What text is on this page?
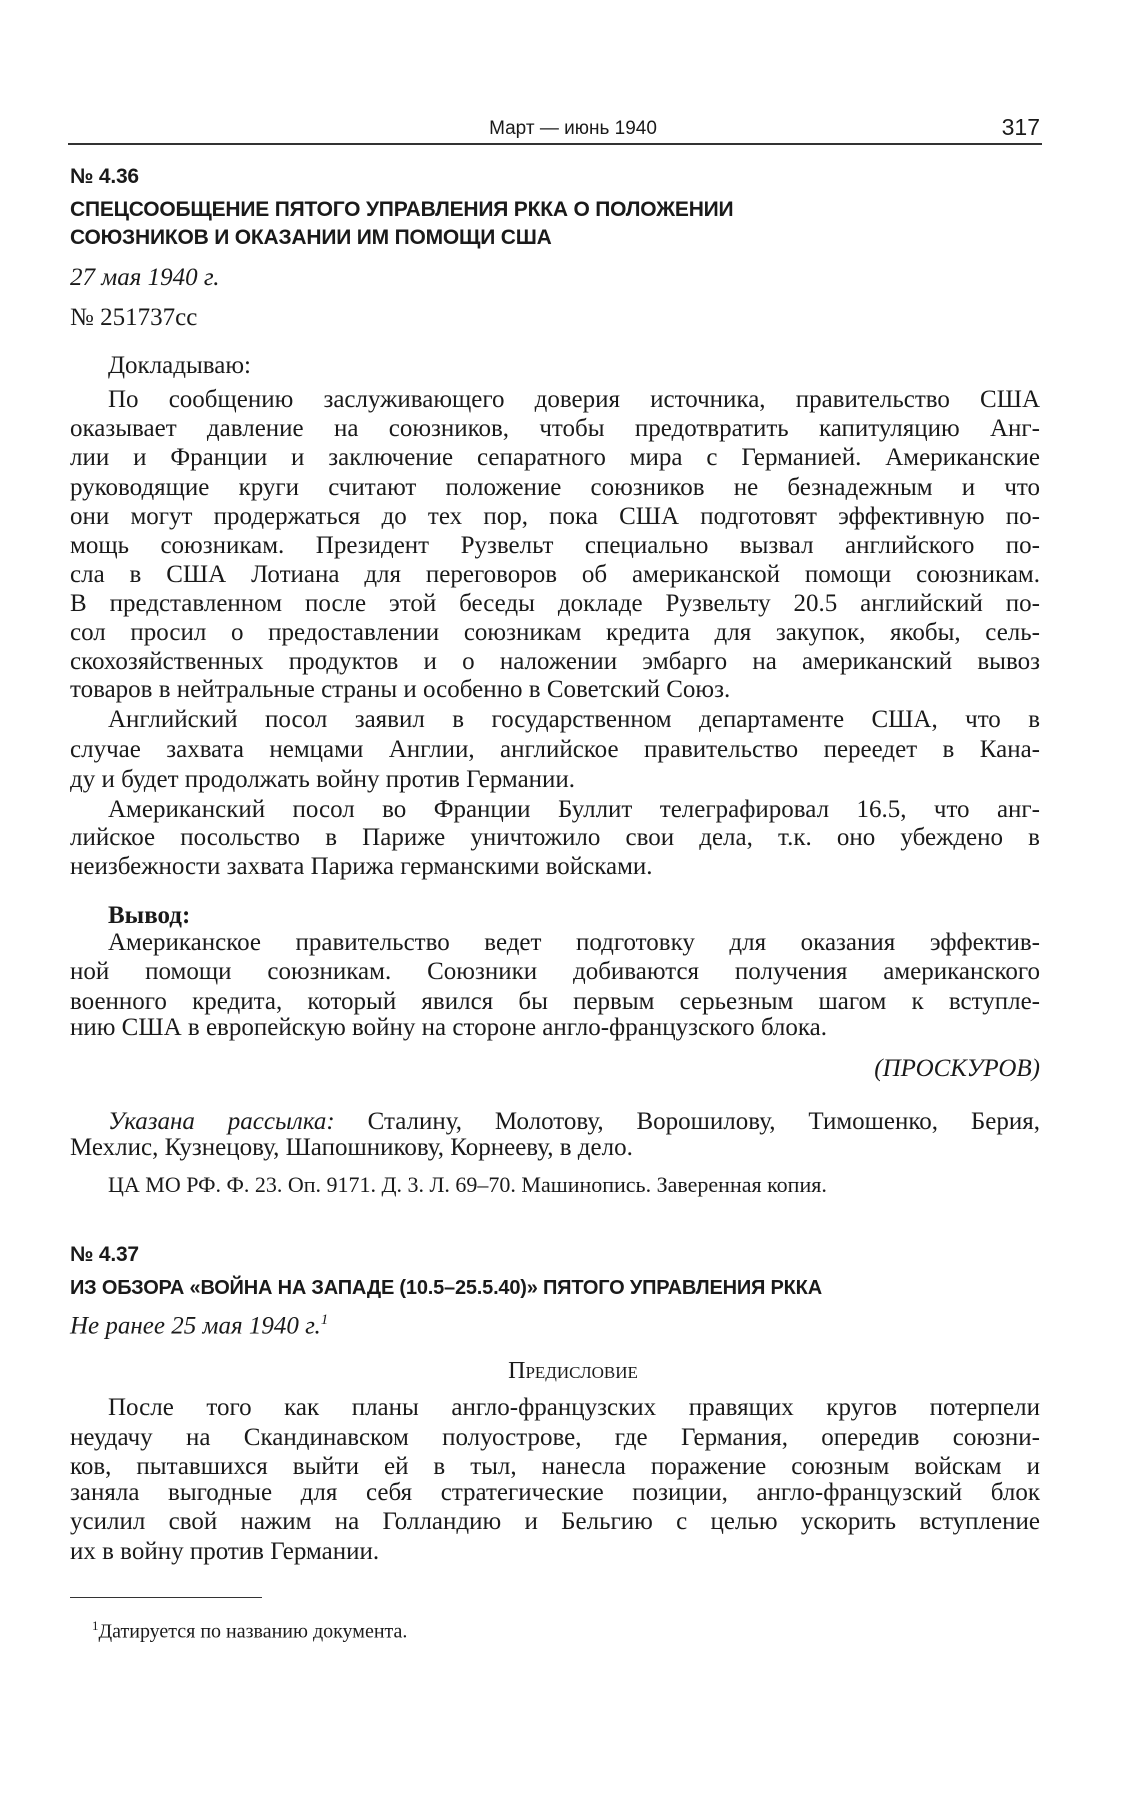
Март — июнь 1940	317
№ 4.36
СПЕЦСООБЩЕНИЕ ПЯТОГО УПРАВЛЕНИЯ РККА О ПОЛОЖЕНИИ
СОЮЗНИКОВ И ОКАЗАНИИ ИМ ПОМОЩИ США
27 мая 1940 г.
№ 251737сс
Докладываю:
По сообщению заслуживающего доверия источника, правительство США
оказывает давление на союзников, чтобы предотвратить капитуляцию Анг-
лии и Франции и заключение сепаратного мира с Германией. Американские
руководящие круги считают положение союзников не безнадежным и что
они могут продержаться до тех пор, пока США подготовят эффективную по-
мощь союзникам. Президент Рузвельт специально вызвал английского по-
сла в США Лотиана для переговоров об американской помощи союзникам.
В представленном после этой беседы докладе Рузвельту 20.5 английский по-
сол просил о предоставлении союзникам кредита для закупок, якобы, сель-
скохозяйственных продуктов и о наложении эмбарго на американский вывоз
товаров в нейтральные страны и особенно в Советский Союз.
Английский посол заявил в государственном департаменте США, что в
случае захвата немцами Англии, английское правительство переедет в Кана-
ду и будет продолжать войну против Германии.
Американский посол во Франции Буллит телеграфировал 16.5, что анг-
лийское посольство в Париже уничтожило свои дела, т.к. оно убеждено в
неизбежности захвата Парижа германскими войсками.
Вывод:
Американское правительство ведет подготовку для оказания эффектив-
ной помощи союзникам. Союзники добиваются получения американского
военного кредита, который явился бы первым серьезным шагом к вступле-
нию США в европейскую войну на стороне англо-французского блока.
(ПРОСКУРОВ)
Указана рассылка: Сталину, Молотову, Ворошилову, Тимошенко, Берия,
Мехлис, Кузнецову, Шапошникову, Корнееву, в дело.
ЦА МО РФ. Ф. 23. Оп. 9171. Д. 3. Л. 69–70. Машинопись. Заверенная копия.
№ 4.37
ИЗ ОБЗОРА «ВОЙНА НА ЗАПАДЕ (10.5–25.5.40)» ПЯТОГО УПРАВЛЕНИЯ РККА
Не ранее 25 мая 1940 г.$^1$
Предисловие
После того как планы англо-французских правящих кругов потерпели
неудачу на Скандинавском полуострове, где Германия, опередив союзни-
ков, пытавшихся выйти ей в тыл, нанесла поражение союзным войскам и
заняла выгодные для себя стратегические позиции, англо-французский блок
усилил свой нажим на Голландию и Бельгию с целью ускорить вступление
их в войну против Германии.
$^1$Датируется по названию документа.
